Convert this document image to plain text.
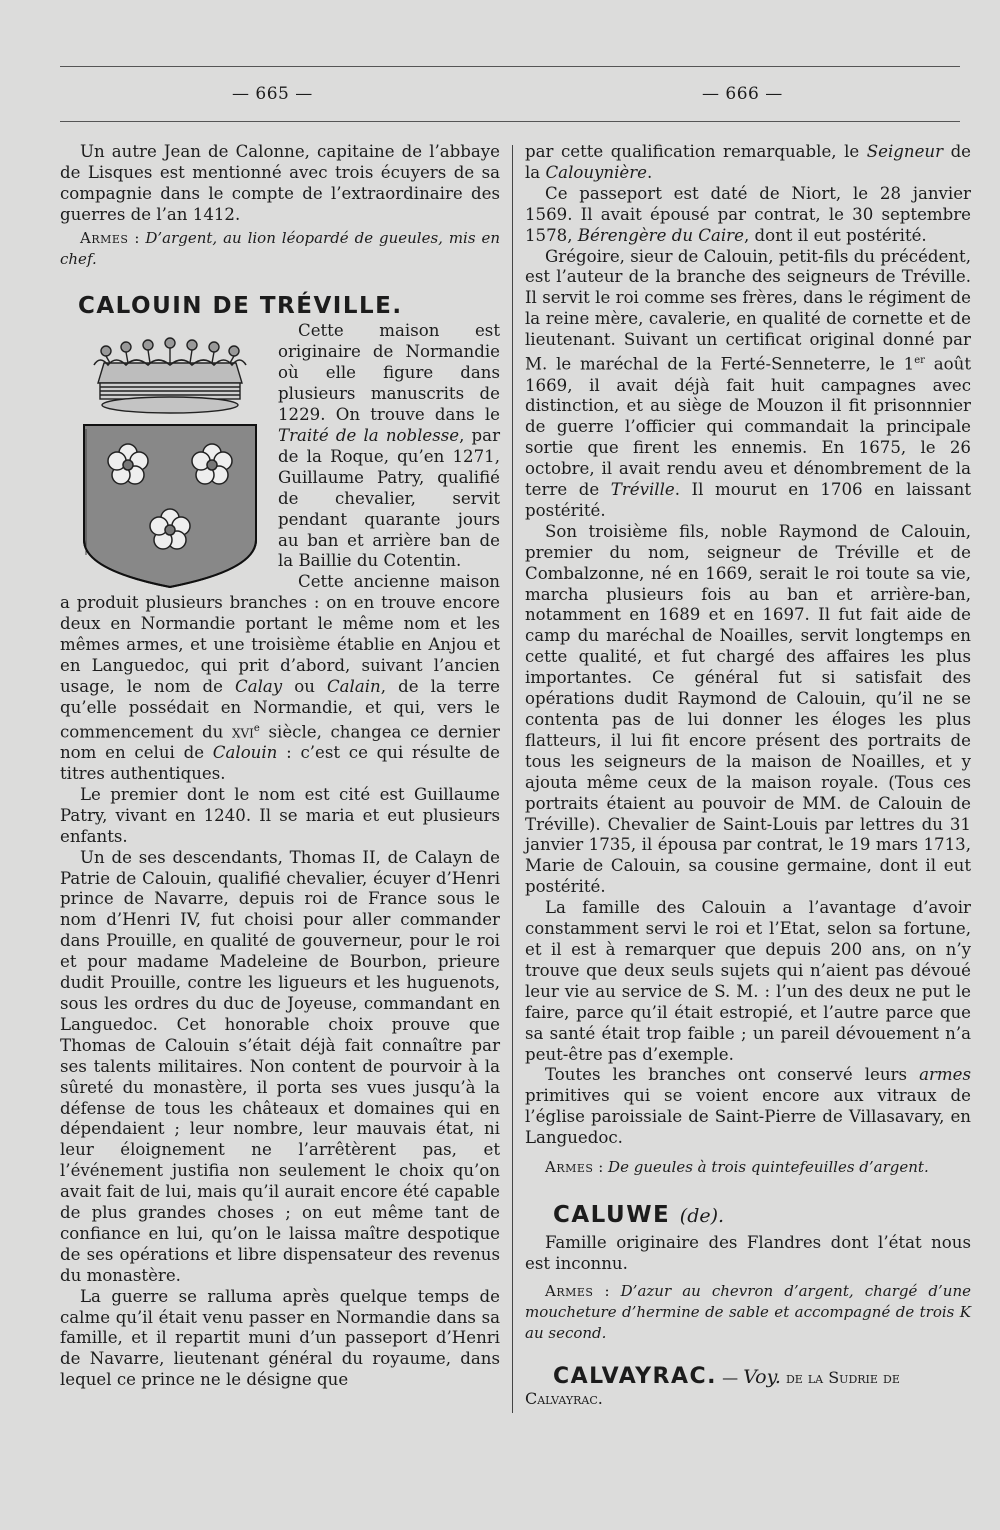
— 665 —	— 666 —

Un autre Jean de Calonne, capitaine de l’abbaye de Lisques est mentionné avec trois écuyers de sa compagnie dans le compte de l’extraordinaire des guerres de l’an 1412.

Armes : D’argent, au lion léopardé de gueules, mis en chef.

CALOUIN DE TRÉVILLE.

Cette maison est originaire de Normandie où elle figure dans plusieurs manuscrits de 1229. On trouve dans le Traité de la noblesse, par de la Roque, qu’en 1271, Guillaume Patry, qualifié de chevalier, servit pendant quarante jours au ban et arrière ban de la Baillie du Cotentin.

Cette ancienne maison a produit plusieurs branches : on en trouve encore deux en Normandie portant le même nom et les mêmes armes, et une troisième établie en Anjou et en Languedoc, qui prit d’abord, suivant l’ancien usage, le nom de Calay ou Calain, de la terre qu’elle possédait en Normandie, et qui, vers le commencement du xvi$^e$ siècle, changea ce dernier nom en celui de Calouin : c’est ce qui résulte de titres authentiques.

Le premier dont le nom est cité est Guillaume Patry, vivant en 1240. Il se maria et eut plusieurs enfants.

Un de ses descendants, Thomas II, de Calayn de Patrie de Calouin, qualifié chevalier, écuyer d’Henri prince de Navarre, depuis roi de France sous le nom d’Henri IV, fut choisi pour aller commander dans Prouille, en qualité de gouverneur, pour le roi et pour madame Madeleine de Bourbon, prieure dudit Prouille, contre les ligueurs et les huguenots, sous les ordres du duc de Joyeuse, commandant en Languedoc. Cet honorable choix prouve que Thomas de Calouin s’était déjà fait connaître par ses talents militaires. Non content de pourvoir à la sûreté du monastère, il porta ses vues jusqu’à la défense de tous les châteaux et domaines qui en dépendaient ; leur nombre, leur mauvais état, ni leur éloignement ne l’arrêtèrent pas, et l’événement justifia non seulement le choix qu’on avait fait de lui, mais qu’il aurait encore été capable de plus grandes choses ; on eut même tant de confiance en lui, qu’on le laissa maître despotique de ses opérations et libre dispensateur des revenus du monastère.

La guerre se ralluma après quelque temps de calme qu’il était venu passer en Normandie dans sa famille, et il repartit muni d’un passeport d’Henri de Navarre, lieutenant général du royaume, dans lequel ce prince ne le désigne que

par cette qualification remarquable, le Seigneur de la Calouynière.

Ce passeport est daté de Niort, le 28 janvier 1569. Il avait épousé par contrat, le 30 septembre 1578, Bérengère du Caire, dont il eut postérité.

Grégoire, sieur de Calouin, petit-fils du précédent, est l’auteur de la branche des seigneurs de Tréville. Il servit le roi comme ses frères, dans le régiment de la reine mère, cavalerie, en qualité de cornette et de lieutenant. Suivant un certificat original donné par M. le maréchal de la Ferté-Senneterre, le 1er août 1669, il avait déjà fait huit campagnes avec distinction, et au siège de Mouzon il fit prisonnnier de guerre l’officier qui commandait la principale sortie que firent les ennemis. En 1675, le 26 octobre, il avait rendu aveu et dénombrement de la terre de Tréville. Il mourut en 1706 en laissant postérité.

Son troisième fils, noble Raymond de Calouin, premier du nom, seigneur de Tréville et de Combalzonne, né en 1669, serait le roi toute sa vie, marcha plusieurs fois au ban et arrière-ban, notamment en 1689 et en 1697. Il fut fait aide de camp du maréchal de Noailles, servit longtemps en cette qualité, et fut chargé des affaires les plus importantes. Ce général fut si satisfait des opérations dudit Raymond de Calouin, qu’il ne se contenta pas de lui donner les éloges les plus flatteurs, il lui fit encore présent des portraits de tous les seigneurs de la maison de Noailles, et y ajouta même ceux de la maison royale. (Tous ces portraits étaient au pouvoir de MM. de Calouin de Tréville). Chevalier de Saint-Louis par lettres du 31 janvier 1735, il épousa par contrat, le 19 mars 1713, Marie de Calouin, sa cousine germaine, dont il eut postérité.

La famille des Calouin a l’avantage d’avoir constamment servi le roi et l’Etat, selon sa fortune, et il est à remarquer que depuis 200 ans, on n’y trouve que deux seuls sujets qui n’aient pas dévoué leur vie au service de S. M. : l’un des deux ne put le faire, parce qu’il était estropié, et l’autre parce que sa santé était trop faible ; un pareil dévouement n’a peut-être pas d’exemple.

Toutes les branches ont conservé leurs armes primitives qui se voient encore aux vitraux de l’église paroissiale de Saint-Pierre de Villasavary, en Languedoc.

Armes : De gueules à trois quintefeuilles d’argent.

CALUWE (de).

Famille originaire des Flandres dont l’état nous est inconnu.

Armes : D’azur au chevron d’argent, chargé d’une moucheture d’hermine de sable et accompagné de trois K au second.

CALVAYRAC. — Voy. de la Sudrie de Calvayrac.
